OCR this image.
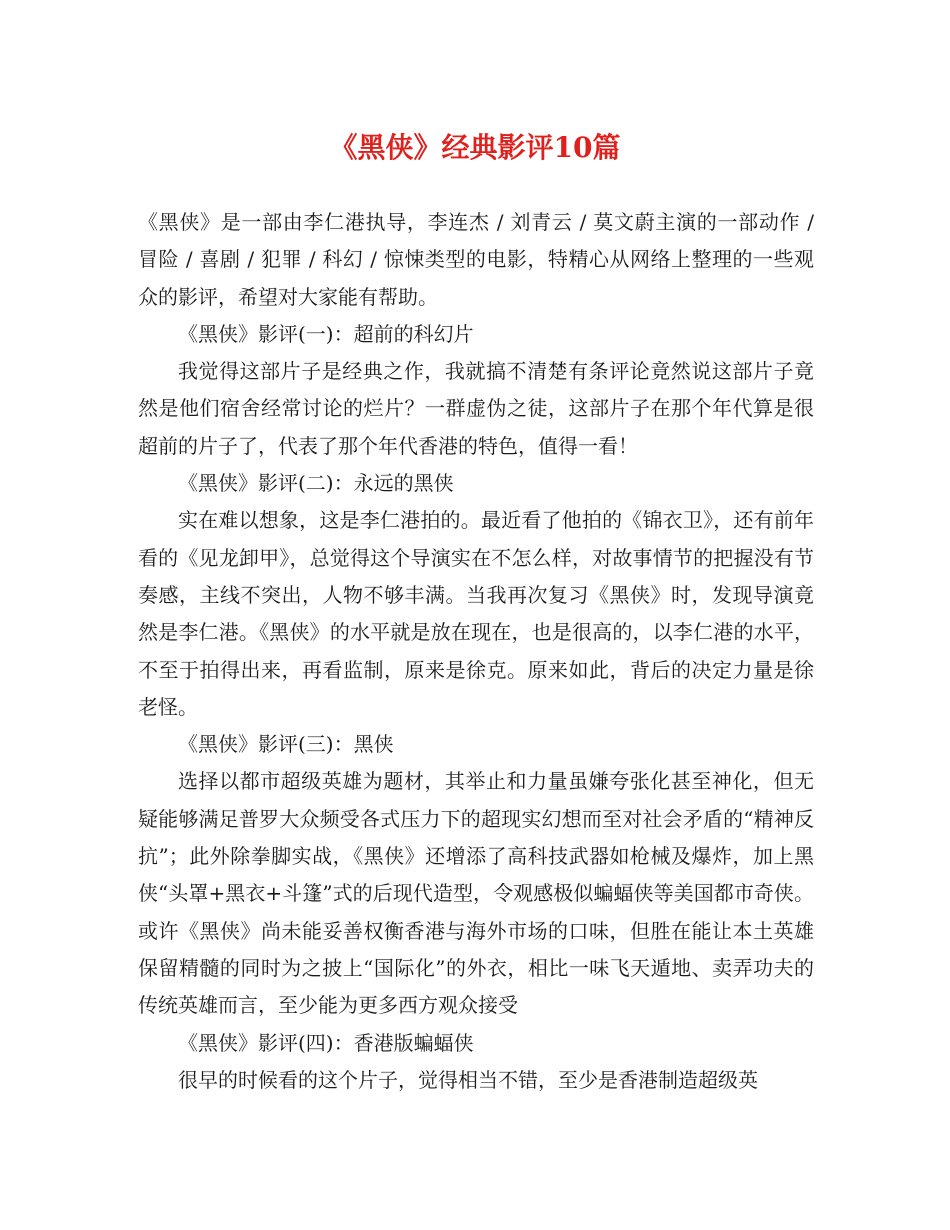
《黑侠》经典影评10篇

《黑侠》是一部由李仁港执导，李连杰 / 刘青云 / 莫文蔚主演的一部动作 / 冒险 / 喜剧 / 犯罪 / 科幻 / 惊悚类型的电影，特精心从网络上整理的一些观众的影评，希望对大家能有帮助。

《黑侠》影评(一)：超前的科幻片

我觉得这部片子是经典之作，我就搞不清楚有条评论竟然说这部片子竟然是他们宿舍经常讨论的烂片？一群虚伪之徒，这部片子在那个年代算是很超前的片子了，代表了那个年代香港的特色，值得一看！

《黑侠》影评(二)：永远的黑侠

实在难以想象，这是李仁港拍的。最近看了他拍的《锦衣卫》，还有前年看的《见龙卸甲》，总觉得这个导演实在不怎么样，对故事情节的把握没有节奏感，主线不突出，人物不够丰满。当我再次复习《黑侠》时，发现导演竟然是李仁港。《黑侠》的水平就是放在现在，也是很高的，以李仁港的水平，不至于拍得出来，再看监制，原来是徐克。原来如此，背后的决定力量是徐老怪。

《黑侠》影评(三)：黑侠

选择以都市超级英雄为题材，其举止和力量虽嫌夸张化甚至神化，但无疑能够满足普罗大众频受各式压力下的超现实幻想而至对社会矛盾的“精神反抗”；此外除拳脚实战，《黑侠》还增添了高科技武器如枪械及爆炸，加上黑侠“头罩+黑衣+斗篷”式的后现代造型，令观感极似蝙蝠侠等美国都市奇侠。或许《黑侠》尚未能妥善权衡香港与海外市场的口味，但胜在能让本土英雄保留精髓的同时为之披上“国际化”的外衣，相比一味飞天遁地、卖弄功夫的传统英雄而言，至少能为更多西方观众接受

《黑侠》影评(四)：香港版蝙蝠侠

很早的时候看的这个片子，觉得相当不错，至少是香港制造超级英
